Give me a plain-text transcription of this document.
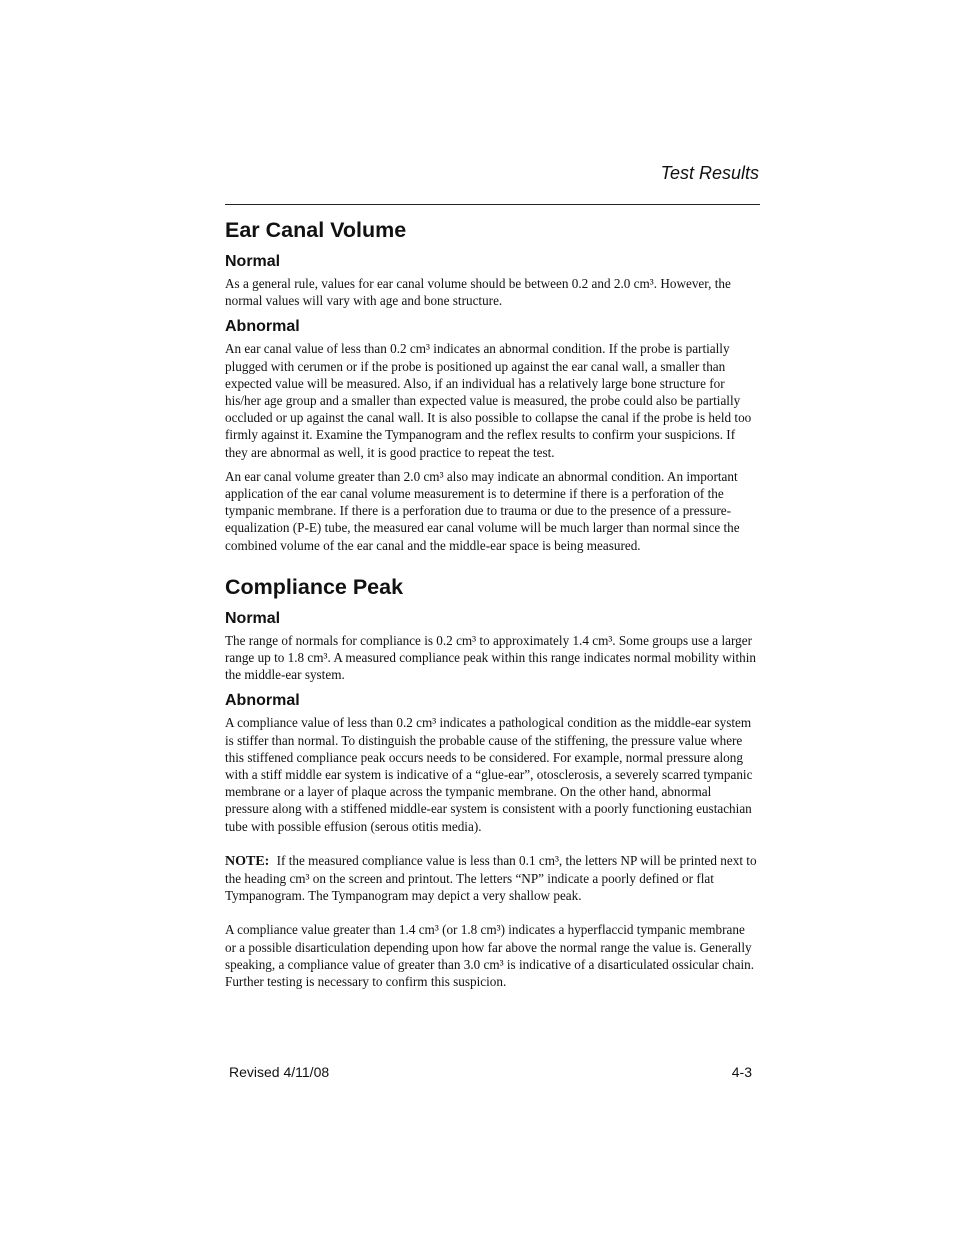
Test Results
Ear Canal Volume
Normal

As a general rule, values for ear canal volume should be between 0.2 and 2.0 cm³. However, the normal values will vary with age and bone structure.

Abnormal

An ear canal value of less than 0.2 cm³ indicates an abnormal condition. If the probe is partially plugged with cerumen or if the probe is positioned up against the ear canal wall, a smaller than expected value will be measured. Also, if an individual has a relatively large bone structure for his/her age group and a smaller than expected value is measured, the probe could also be partially occluded or up against the canal wall. It is also possible to collapse the canal if the probe is held too firmly against it. Examine the Tympanogram and the reflex results to confirm your suspicions. If they are abnormal as well, it is good practice to repeat the test.

An ear canal volume greater than 2.0 cm³ also may indicate an abnormal condition. An important application of the ear canal volume measurement is to determine if there is a perforation of the tympanic membrane. If there is a perforation due to trauma or due to the presence of a pressure-equalization (P-E) tube, the measured ear canal volume will be much larger than normal since the combined volume of the ear canal and the middle-ear space is being measured.

Compliance Peak
Normal

The range of normals for compliance is 0.2 cm³ to approximately 1.4 cm³. Some groups use a larger range up to 1.8 cm³. A measured compliance peak within this range indicates normal mobility within the middle-ear system.

Abnormal

A compliance value of less than 0.2 cm³ indicates a pathological condition as the middle-ear system is stiffer than normal. To distinguish the probable cause of the stiffening, the pressure value where this stiffened compliance peak occurs needs to be considered. For example, normal pressure along with a stiff middle ear system is indicative of a “glue-ear”, otosclerosis, a severely scarred tympanic membrane or a layer of plaque across the tympanic membrane. On the other hand, abnormal pressure along with a stiffened middle-ear system is consistent with a poorly functioning eustachian tube with possible effusion (serous otitis media).

NOTE: If the measured compliance value is less than 0.1 cm³, the letters NP will be printed next to the heading cm³ on the screen and printout. The letters “NP” indicate a poorly defined or flat Tympanogram. The Tympanogram may depict a very shallow peak.

A compliance value greater than 1.4 cm³ (or 1.8 cm³) indicates a hyperflaccid tympanic membrane or a possible disarticulation depending upon how far above the normal range the value is. Generally speaking, a compliance value of greater than 3.0 cm³ is indicative of a disarticulated ossicular chain. Further testing is necessary to confirm this suspicion.

Revised 4/11/08	4-3
